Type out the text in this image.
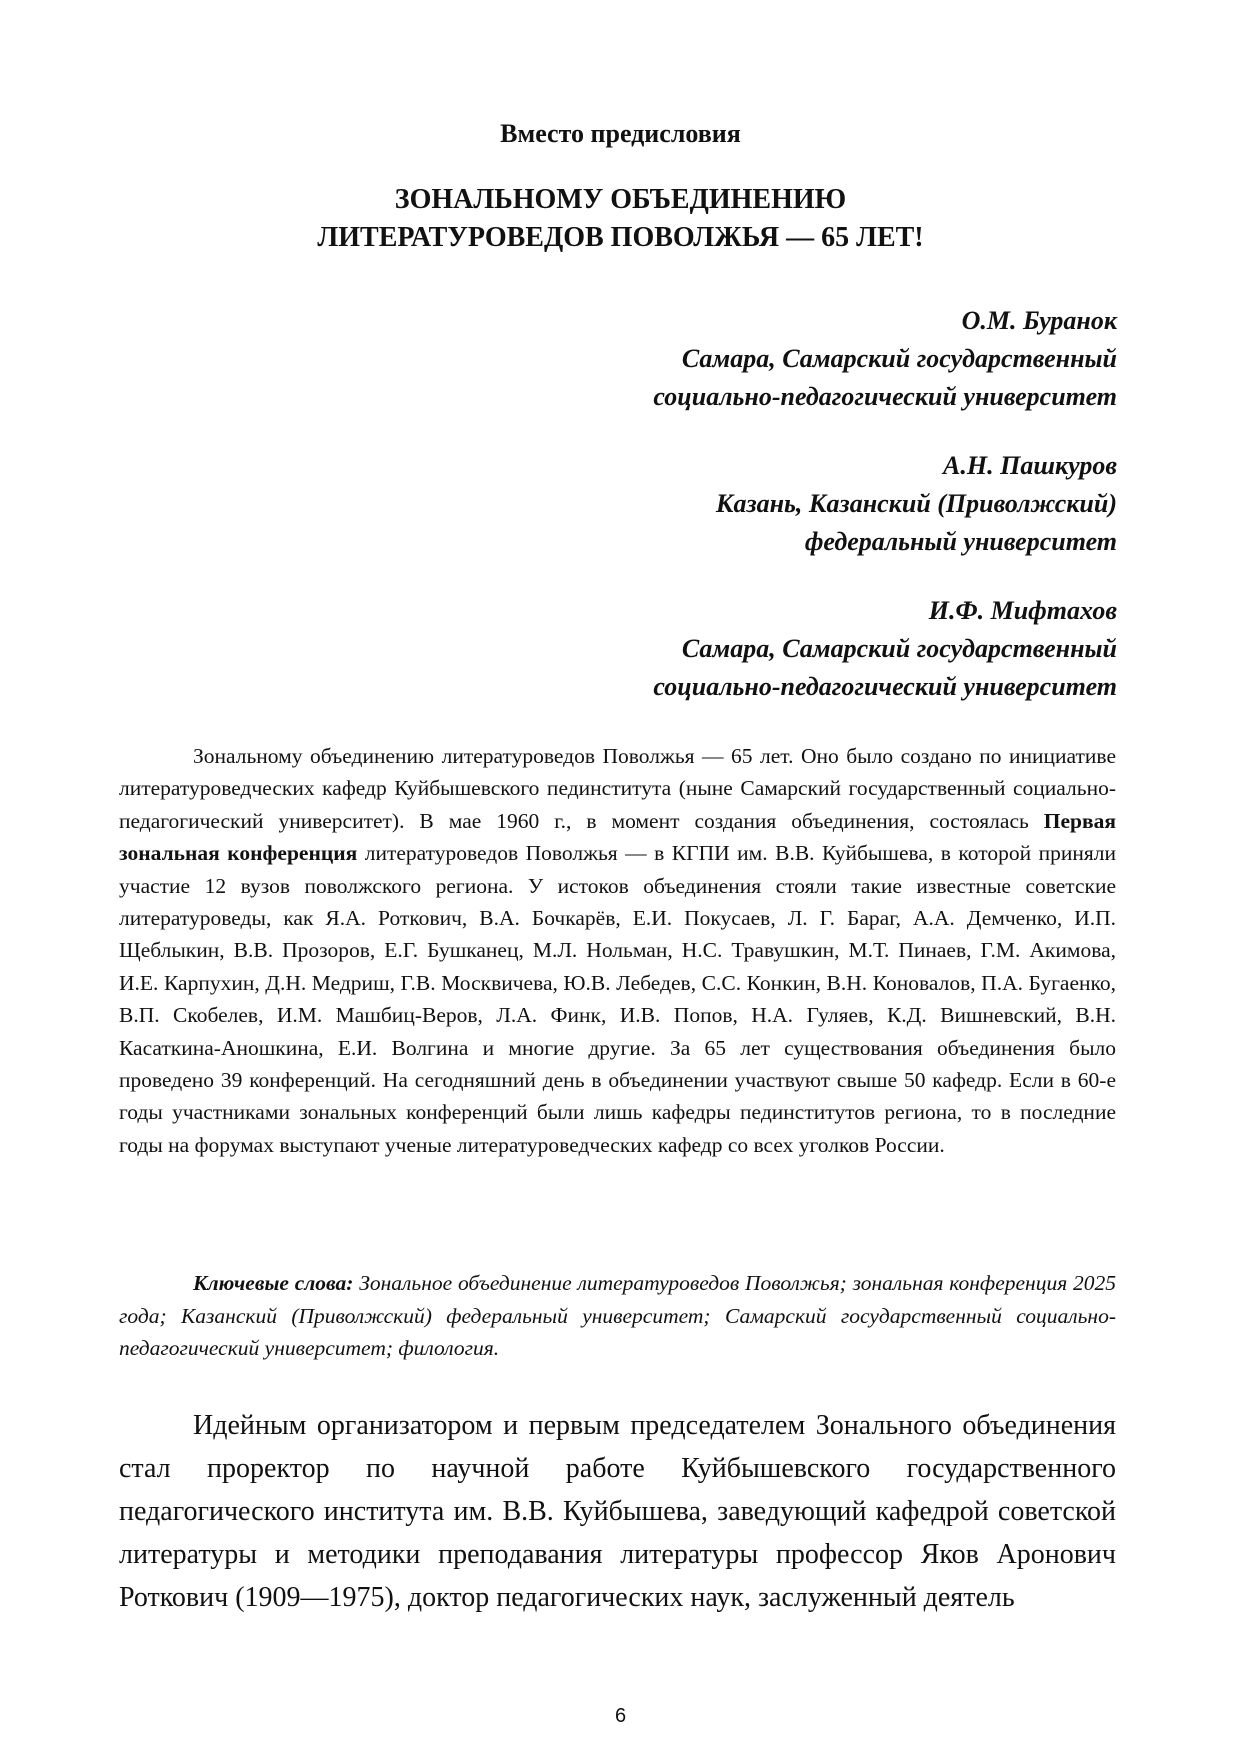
Вместо предисловия
ЗОНАЛЬНОМУ ОБЪЕДИНЕНИЮ
ЛИТЕРАТУРОВЕДОВ ПОВОЛЖЬЯ — 65 ЛЕТ!
О.М. Буранок
Самара, Самарский государственный
социально-педагогический университет
А.Н. Пашкуров
Казань, Казанский (Приволжский)
федеральный университет
И.Ф. Мифтахов
Самара, Самарский государственный
социально-педагогический университет

Зональному объединению литературоведов Поволжья — 65 лет. Оно было создано по инициативе литературоведческих кафедр Куйбышевского пединститута (ныне Самарский государственный социально-педагогический университет). В мае 1960 г., в момент создания объединения, состоялась Первая зональная конференция литературоведов Поволжья — в КГПИ им. В.В. Куйбышева, в которой приняли участие 12 вузов поволжского региона. У истоков объединения стояли такие известные советские литературоведы, как Я.А. Роткович, В.А. Бочкарёв, Е.И. Покусаев, Л. Г. Бараг, А.А. Демченко, И.П. Щеблыкин, В.В. Прозоров, Е.Г. Бушканец, М.Л. Нольман, Н.С. Травушкин, М.Т. Пинаев, Г.М. Акимова, И.Е. Карпухин, Д.Н. Медриш, Г.В. Москвичева, Ю.В. Лебедев, С.С. Конкин, В.Н. Коновалов, П.А. Бугаенко, В.П. Скобелев, И.М. Машбиц-Веров, Л.А. Финк, И.В. Попов, Н.А. Гуляев, К.Д. Вишневский, В.Н. Касаткина-Аношкина, Е.И. Волгина и многие другие. За 65 лет существования объединения было проведено 39 конференций. На сегодняшний день в объединении участвуют свыше 50 кафедр. Если в 60-е годы участниками зональных конференций были лишь кафедры пединститутов региона, то в последние годы на форумах выступают ученые литературоведческих кафедр со всех уголков России.

Ключевые слова: Зональное объединение литературоведов Поволжья; зональная конференция 2025 года; Казанский (Приволжский) федеральный университет; Самарский государственный социально-педагогический университет; филология.

Идейным организатором и первым председателем Зонального объединения стал проректор по научной работе Куйбышевского государственного педагогического института им. В.В. Куйбышева, заведующий кафедрой советской литературы и методики преподавания литературы профессор Яков Аронович Роткович (1909—1975), доктор педагогических наук, заслуженный деятель

6
